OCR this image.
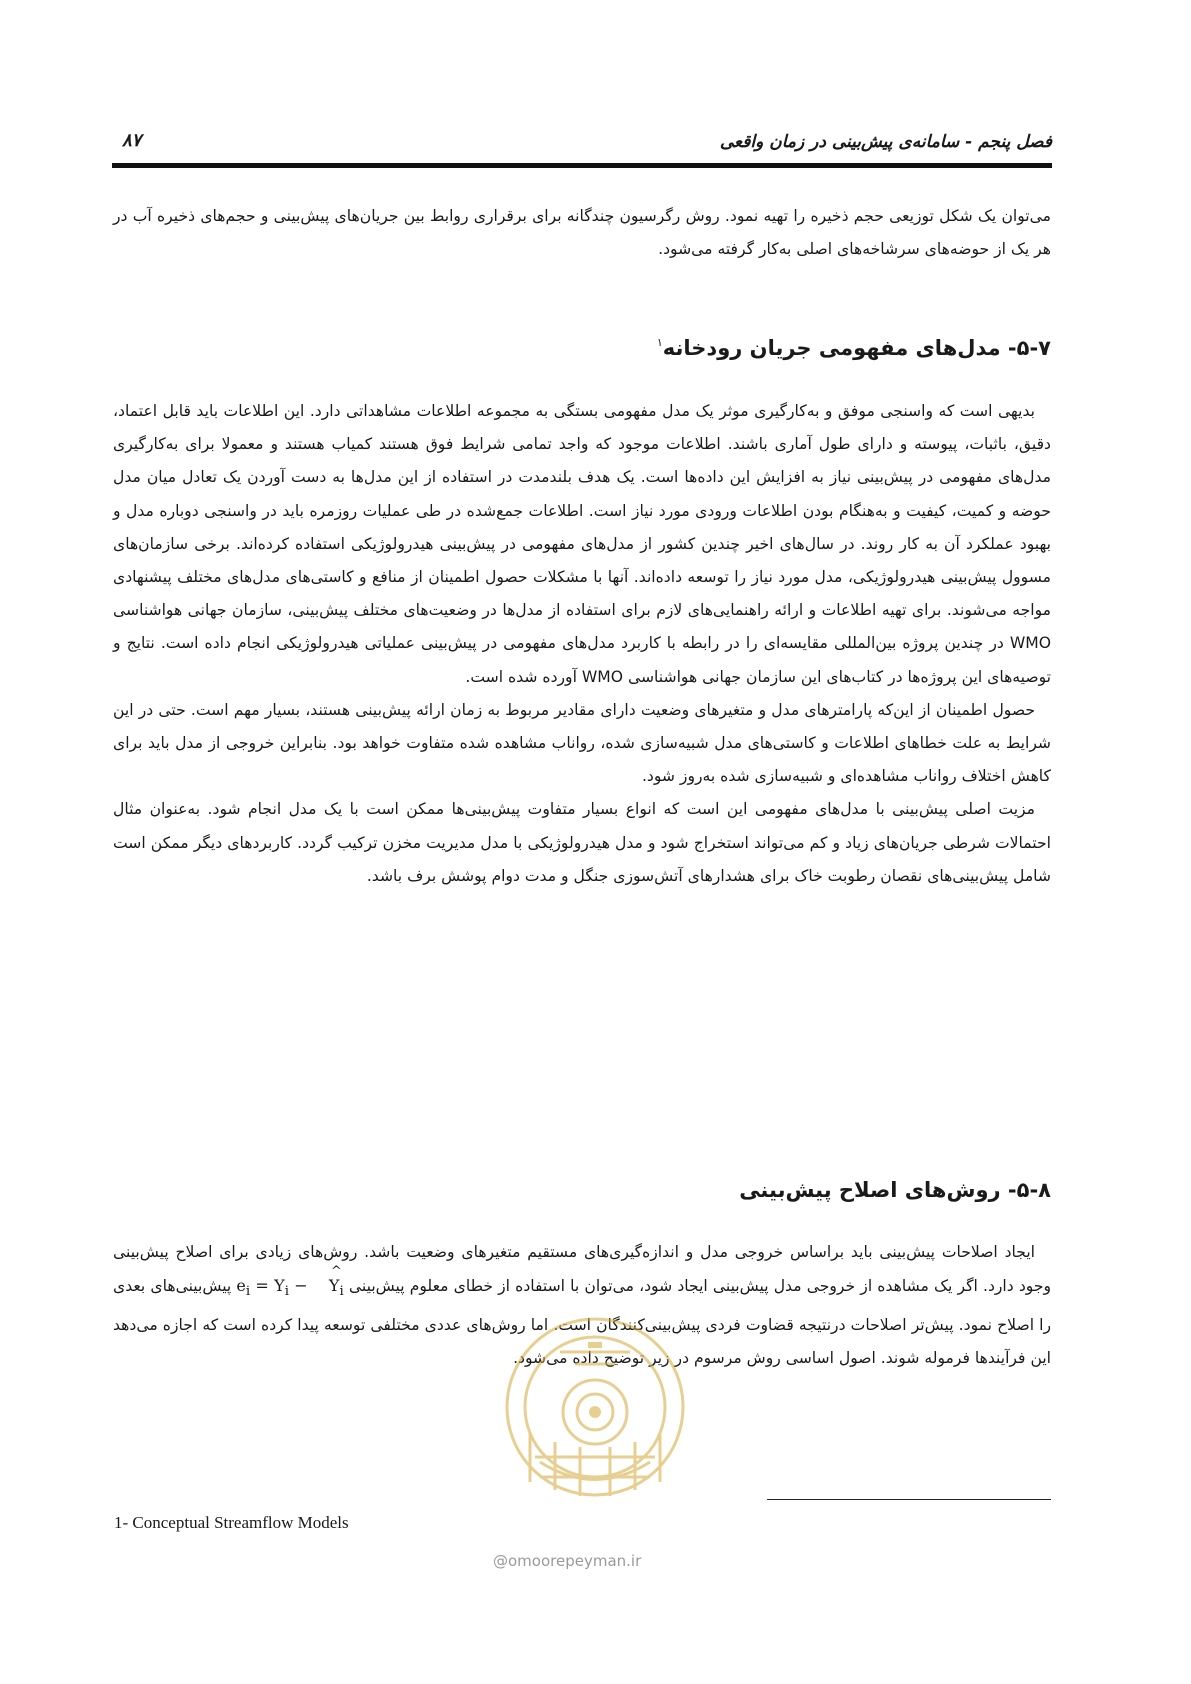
فصل پنجم - سامانه‌ی پیش‌بینی در زمان واقعی
۸۷

می‌توان یک شکل توزیعی حجم ذخیره را تهیه نمود. روش رگرسیون چندگانه برای برقراری روابط بین جریان‌های پیش‌بینی و حجم‌های ذخیره آب در هر یک از حوضه‌های سرشاخه‌های اصلی به‌کار گرفته می‌شود.

۵-۷- مدل‌های مفهومی جریان رودخانه$^۱$

بدیهی است که واسنجی موفق و به‌کارگیری موثر یک مدل مفهومی بستگی به مجموعه اطلاعات مشاهداتی دارد. این اطلاعات باید قابل اعتماد، دقیق، باثبات، پیوسته و دارای طول آماری باشند. اطلاعات موجود که واجد تمامی شرایط فوق هستند کمیاب هستند و معمولا برای به‌کارگیری مدل‌های مفهومی در پیش‌بینی نیاز به افزایش این داده‌ها است. یک هدف بلندمدت در استفاده از این مدل‌ها به دست آوردن یک تعادل میان مدل حوضه و کمیت، کیفیت و به‌هنگام بودن اطلاعات ورودی مورد نیاز است. اطلاعات جمع‌شده در طی عملیات روزمره باید در واسنجی دوباره مدل و بهبود عملکرد آن به کار روند. در سال‌های اخیر چندین کشور از مدل‌های مفهومی در پیش‌بینی هیدرولوژیکی استفاده کرده‌اند. برخی سازمان‌های مسوول پیش‌بینی هیدرولوژیکی، مدل مورد نیاز را توسعه داده‌اند. آنها با مشکلات حصول اطمینان از منافع و کاستی‌های مدل‌های مختلف پیشنهادی مواجه می‌شوند. برای تهیه اطلاعات و ارائه راهنمایی‌های لازم برای استفاده از مدل‌ها در وضعیت‌های مختلف پیش‌بینی، سازمان جهانی هواشناسی WMO در چندین پروژه بین‌المللی مقایسه‌ای را در رابطه با کاربرد مدل‌های مفهومی در پیش‌بینی عملیاتی هیدرولوژیکی انجام داده است. نتایج و توصیه‌های این پروژه‌ها در کتاب‌های این سازمان جهانی هواشناسی WMO آورده شده است.

حصول اطمینان از این‌که پارامترهای مدل و متغیرهای وضعیت دارای مقادیر مربوط به زمان ارائه پیش‌بینی هستند، بسیار مهم است. حتی در این شرایط به علت خطاهای اطلاعات و کاستی‌های مدل شبیه‌سازی شده، رواناب مشاهده شده متفاوت خواهد بود. بنابراین خروجی از مدل باید برای کاهش اختلاف رواناب مشاهده‌ای و شبیه‌سازی شده به‌روز شود.

مزیت اصلی پیش‌بینی با مدل‌های مفهومی این است که انواع بسیار متفاوت پیش‌بینی‌ها ممکن است با یک مدل انجام شود. به‌عنوان مثال احتمالات شرطی جریان‌های زیاد و کم می‌تواند استخراج شود و مدل هیدرولوژیکی با مدل مدیریت مخزن ترکیب گردد. کاربردهای دیگر ممکن است شامل پیش‌بینی‌های نقصان رطوبت خاک برای هشدارهای آتش‌سوزی جنگل و مدت دوام پوشش برف باشد.

۵-۸- روش‌های اصلاح پیش‌بینی

ایجاد اصلاحات پیش‌بینی باید براساس خروجی مدل و اندازه‌گیری‌های مستقیم متغیرهای وضعیت باشد. روش‌های زیادی برای اصلاح پیش‌بینی وجود دارد. اگر یک مشاهده از خروجی مدل پیش‌بینی ایجاد شود، می‌توان با استفاده از خطای معلوم پیش‌بینی $e_i = Y_i$ − ^ $Y_i$ پیش‌بینی‌های بعدی را اصلاح نمود. پیش‌تر اصلاحات درنتیجه قضاوت فردی پیش‌بینی‌کنندگان است. اما روش‌های عددی مختلفی توسعه پیدا کرده است که اجازه می‌دهد این فرآیندها فرموله شوند. اصول اساسی روش مرسوم در زیر توضیح داده می‌شود.

1- Conceptual Streamflow Models
@omoorepeyman.ir
